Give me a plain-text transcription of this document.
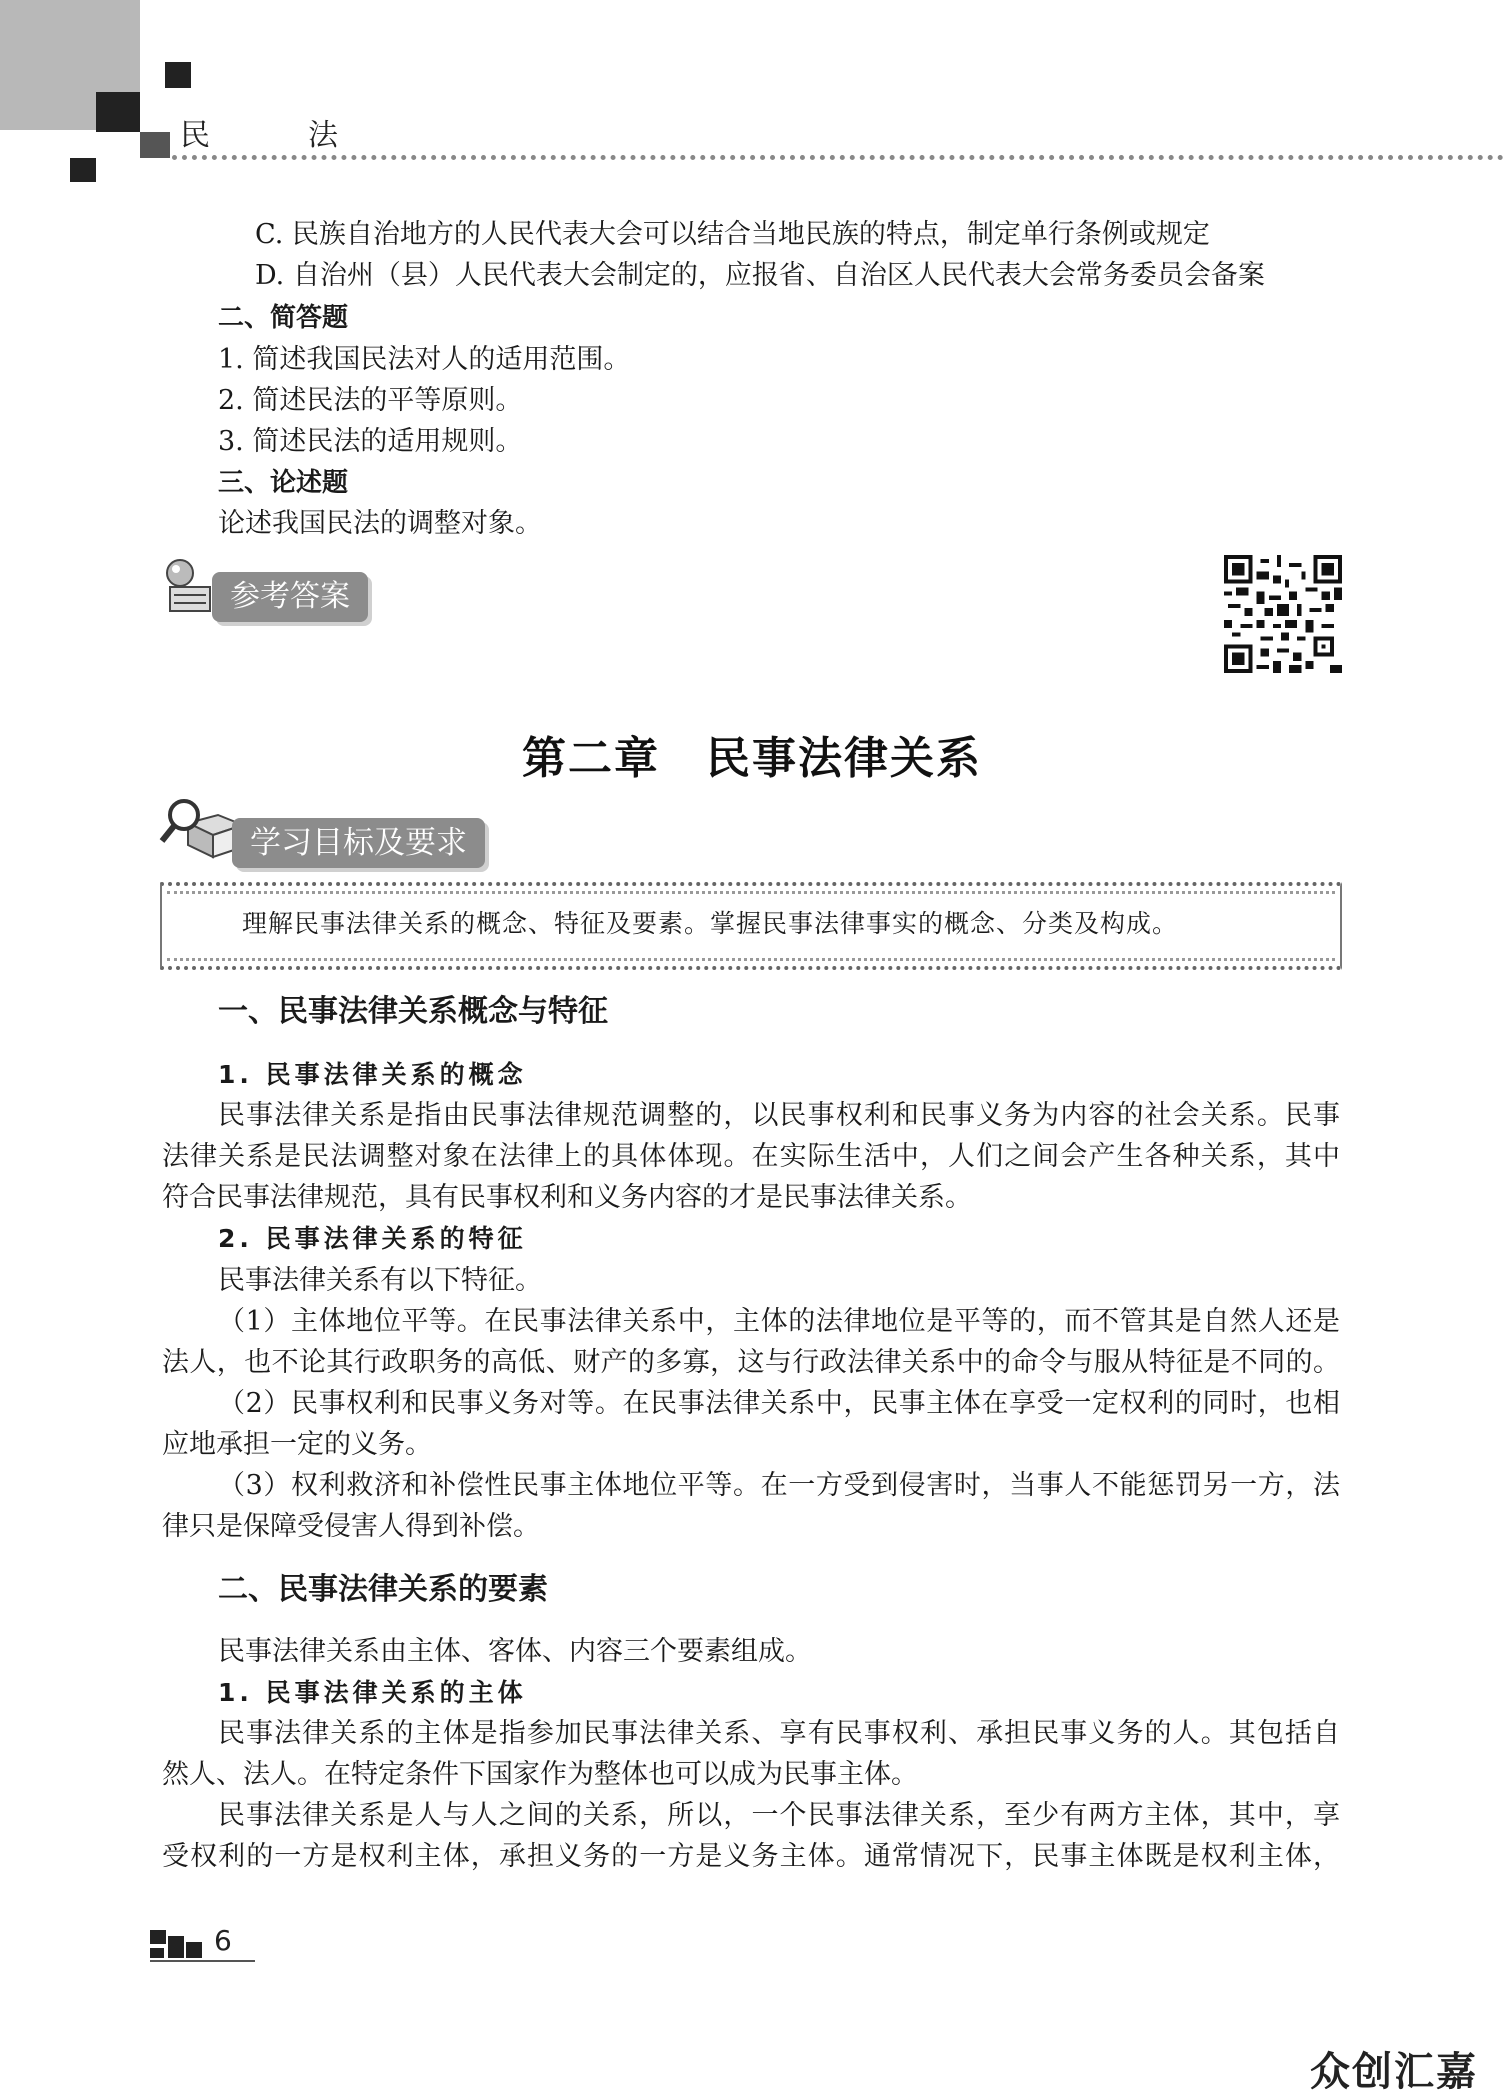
民　法
C. 民族自治地方的人民代表大会可以结合当地民族的特点，制定单行条例或规定
D. 自治州（县）人民代表大会制定的，应报省、自治区人民代表大会常务委员会备案
二、简答题
1. 简述我国民法对人的适用范围。
2. 简述民法的平等原则。
3. 简述民法的适用规则。
三、论述题
论述我国民法的调整对象。
参考答案
第二章　民事法律关系
学习目标及要求
理解民事法律关系的概念、特征及要素。掌握民事法律事实的概念、分类及构成。
一、民事法律关系概念与特征
1. 民事法律关系的概念
民事法律关系是指由民事法律规范调整的，以民事权利和民事义务为内容的社会关系。民事
法律关系是民法调整对象在法律上的具体体现。在实际生活中，人们之间会产生各种关系，其中
符合民事法律规范，具有民事权利和义务内容的才是民事法律关系。
2. 民事法律关系的特征
民事法律关系有以下特征。
（1）主体地位平等。在民事法律关系中，主体的法律地位是平等的，而不管其是自然人还是
法人，也不论其行政职务的高低、财产的多寡，这与行政法律关系中的命令与服从特征是不同的。
（2）民事权利和民事义务对等。在民事法律关系中，民事主体在享受一定权利的同时，也相
应地承担一定的义务。
（3）权利救济和补偿性民事主体地位平等。在一方受到侵害时，当事人不能惩罚另一方，法
律只是保障受侵害人得到补偿。
二、民事法律关系的要素
民事法律关系由主体、客体、内容三个要素组成。
1. 民事法律关系的主体
民事法律关系的主体是指参加民事法律关系、享有民事权利、承担民事义务的人。其包括自
然人、法人。在特定条件下国家作为整体也可以成为民事主体。
民事法律关系是人与人之间的关系，所以，一个民事法律关系，至少有两方主体，其中，享
受权利的一方是权利主体，承担义务的一方是义务主体。通常情况下，民事主体既是权利主体，
6
众创汇嘉
